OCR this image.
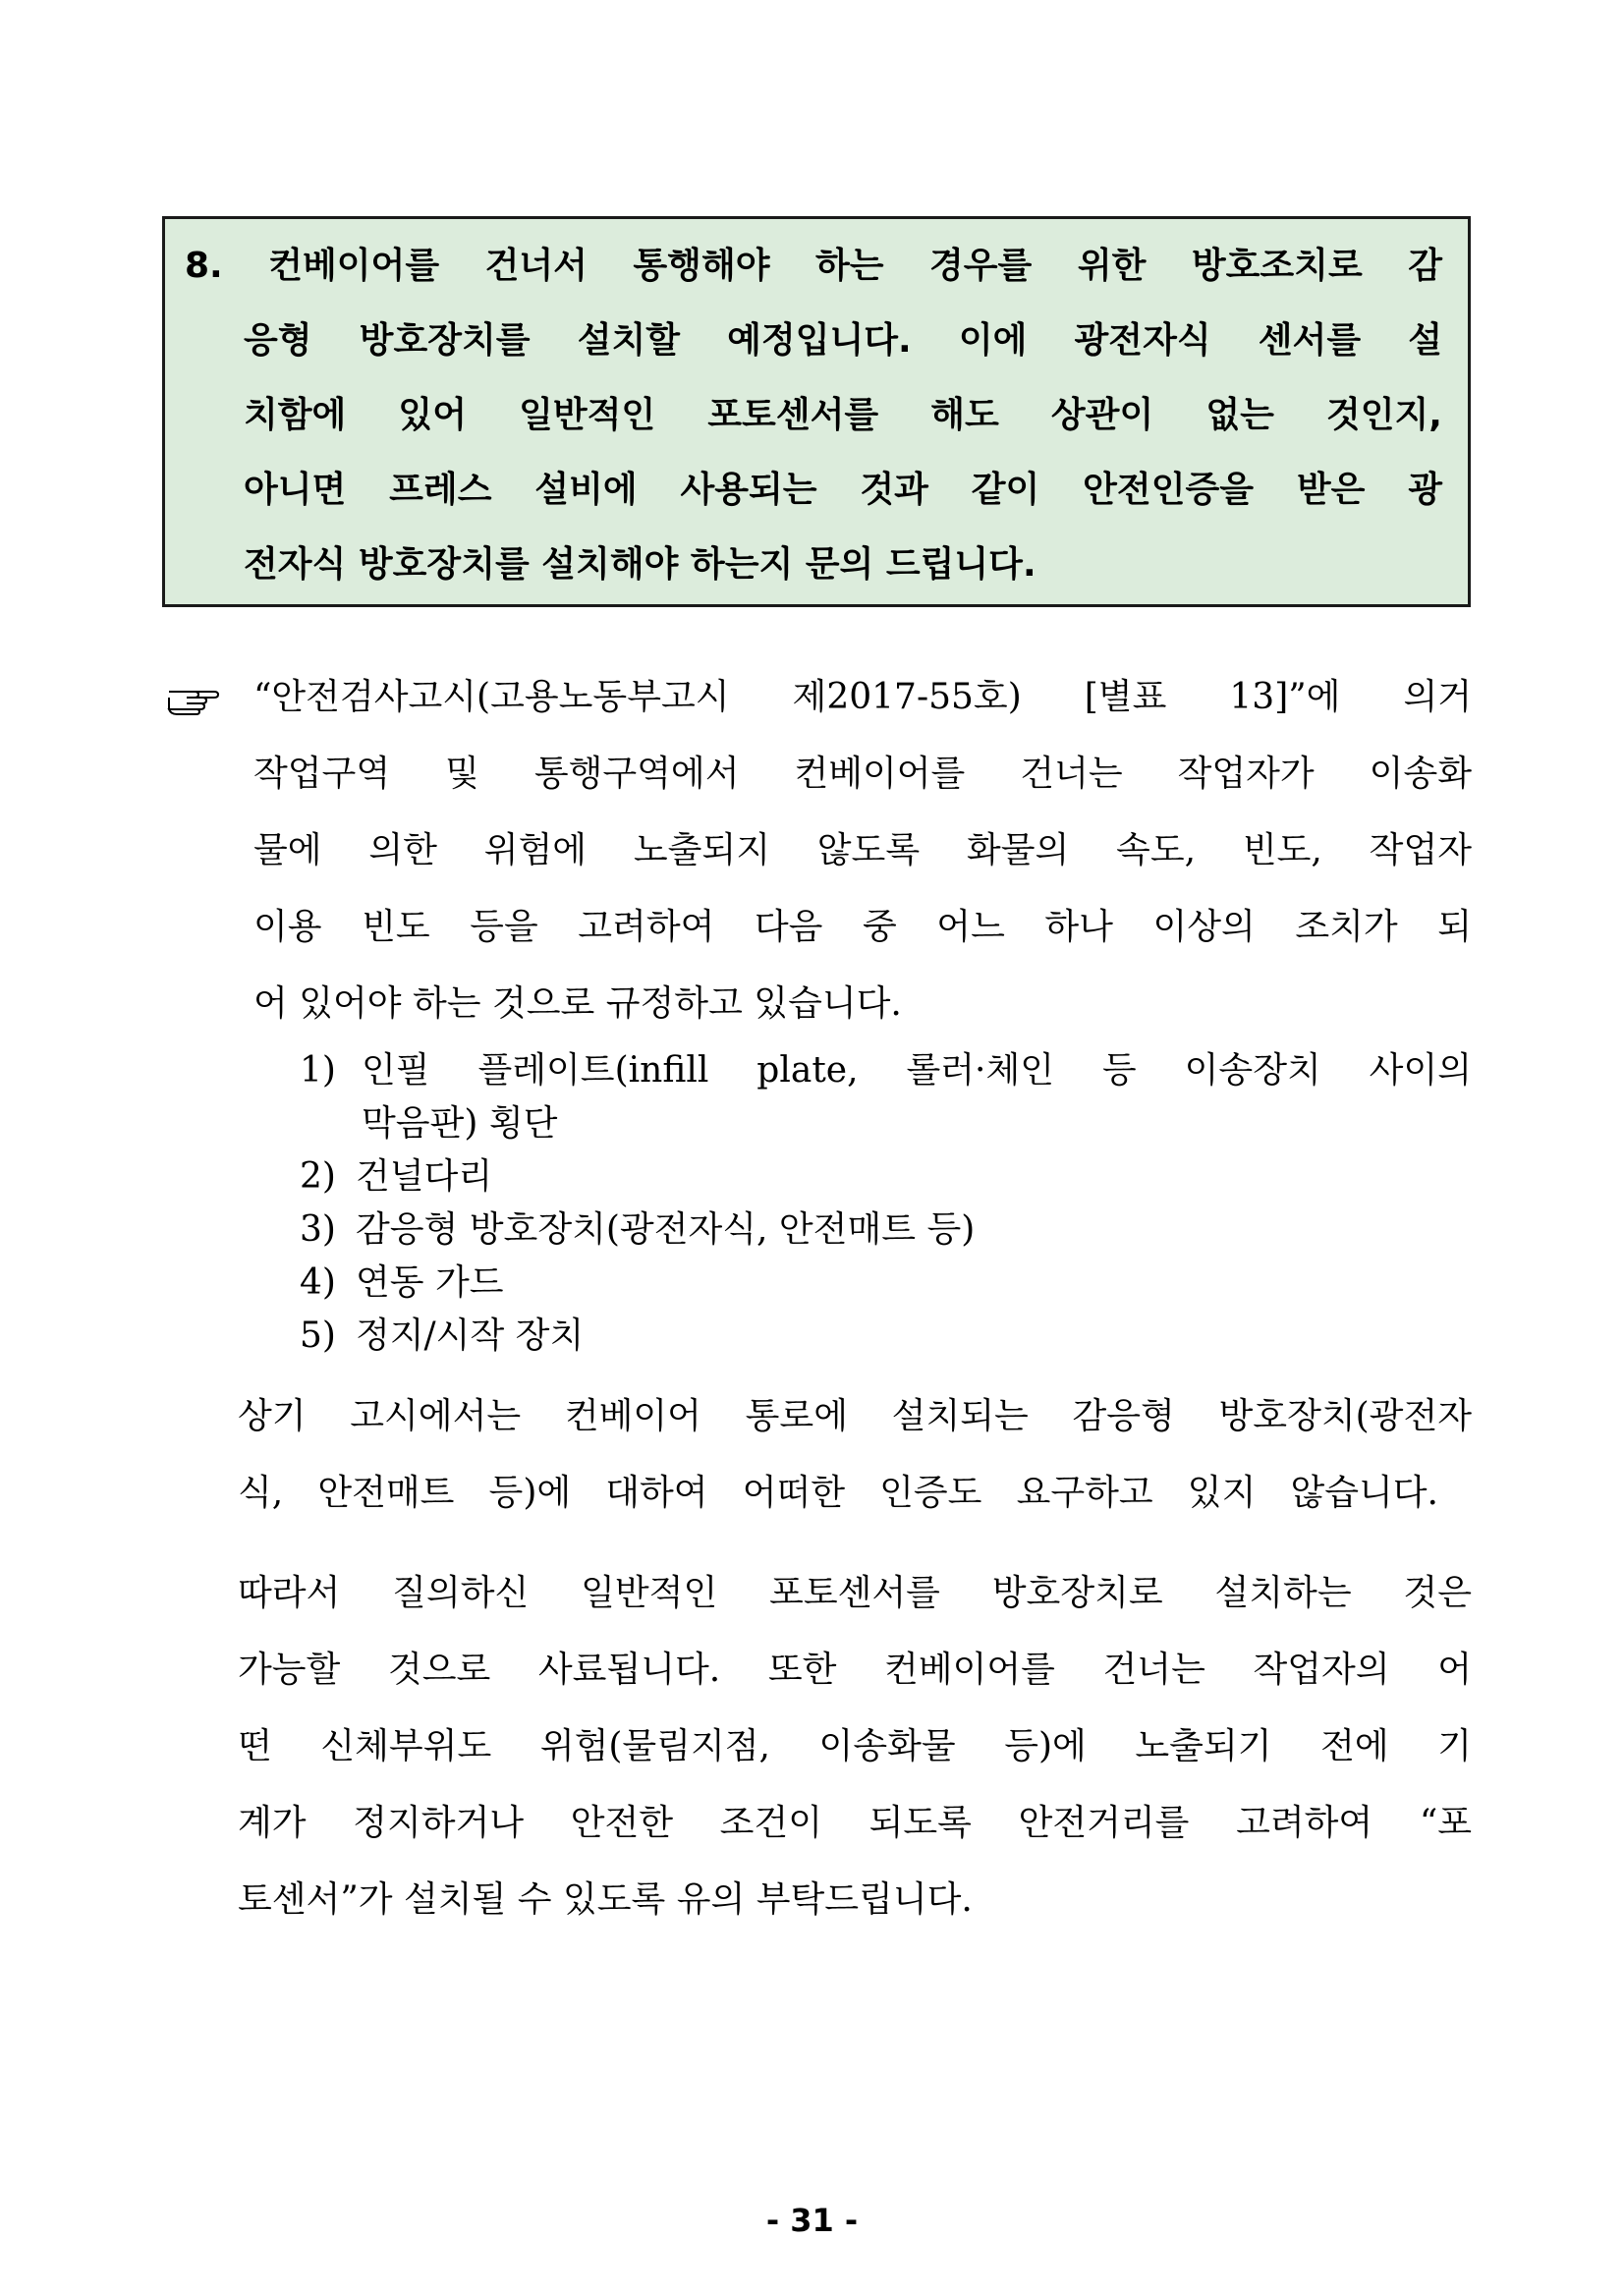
8. 컨베이어를 건너서 통행해야 하는 경우를 위한 방호조치로 감
응형 방호장치를 설치할 예정입니다. 이에 광전자식 센서를 설
치함에 있어 일반적인 포토센서를 해도 상관이 없는 것인지,
아니면 프레스 설비에 사용되는 것과 같이 안전인증을 받은 광
전자식 방호장치를 설치해야 하는지 문의 드립니다.
“안전검사고시(고용노동부고시 제2017-55호) [별표 13]”에 의거
작업구역 및 통행구역에서 컨베이어를 건너는 작업자가 이송화
물에 의한 위험에 노출되지 않도록 화물의 속도, 빈도, 작업자
이용 빈도 등을 고려하여 다음 중 어느 하나 이상의 조치가 되
어 있어야 하는 것으로 규정하고 있습니다.
1) 인필 플레이트(infill plate, 롤러·체인 등 이송장치 사이의
막음판) 횡단
2) 건널다리
3) 감응형 방호장치(광전자식, 안전매트 등)
4) 연동 가드
5) 정지/시작 장치
상기 고시에서는 컨베이어 통로에 설치되는 감응형 방호장치(광전자
식, 안전매트 등)에 대하여 어떠한 인증도 요구하고 있지 않습니다.
따라서 질의하신 일반적인 포토센서를 방호장치로 설치하는 것은
가능할 것으로 사료됩니다. 또한 컨베이어를 건너는 작업자의 어
떤 신체부위도 위험(물림지점, 이송화물 등)에 노출되기 전에 기
계가 정지하거나 안전한 조건이 되도록 안전거리를 고려하여 “포
토센서”가 설치될 수 있도록 유의 부탁드립니다.
- 31 -
